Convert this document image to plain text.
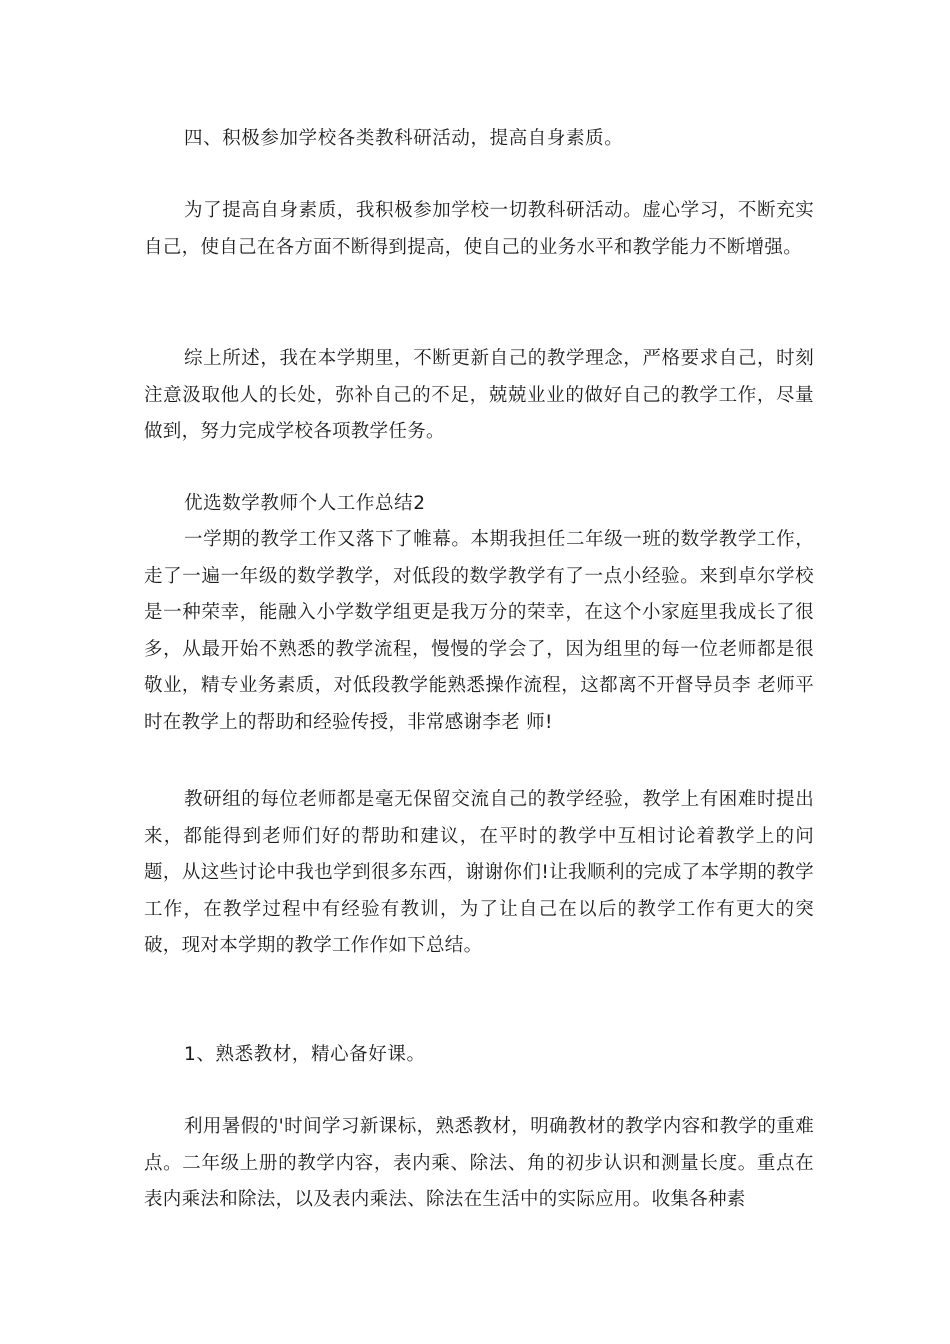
四、积极参加学校各类教科研活动，提高自身素质。

为了提高自身素质，我积极参加学校一切教科研活动。虚心学习，不断充实自己，使自己在各方面不断得到提高，使自己的业务水平和教学能力不断增强。

综上所述，我在本学期里，不断更新自己的教学理念，严格要求自己，时刻注意汲取他人的长处，弥补自己的不足，兢兢业业的做好自己的教学工作，尽量做到，努力完成学校各项教学任务。

优选数学教师个人工作总结2

一学期的教学工作又落下了帷幕。本期我担任二年级一班的数学教学工作，走了一遍一年级的数学教学，对低段的数学教学有了一点小经验。来到卓尔学校是一种荣幸，能融入小学数学组更是我万分的荣幸，在这个小家庭里我成长了很多，从最开始不熟悉的教学流程，慢慢的学会了，因为组里的每一位老师都是很敬业，精专业务素质，对低段教学能熟悉操作流程，这都离不开督导员李 老师平时在教学上的帮助和经验传授，非常感谢李老 师!

教研组的每位老师都是毫无保留交流自己的教学经验，教学上有困难时提出来，都能得到老师们好的帮助和建议，在平时的教学中互相讨论着教学上的问题，从这些讨论中我也学到很多东西，谢谢你们!让我顺利的完成了本学期的教学工作，在教学过程中有经验有教训，为了让自己在以后的教学工作有更大的突破，现对本学期的教学工作作如下总结。

1、熟悉教材，精心备好课。

利用暑假的'时间学习新课标，熟悉教材，明确教材的教学内容和教学的重难点。二年级上册的教学内容，表内乘、除法、角的初步认识和测量长度。重点在表内乘法和除法，以及表内乘法、除法在生活中的实际应用。收集各种素
